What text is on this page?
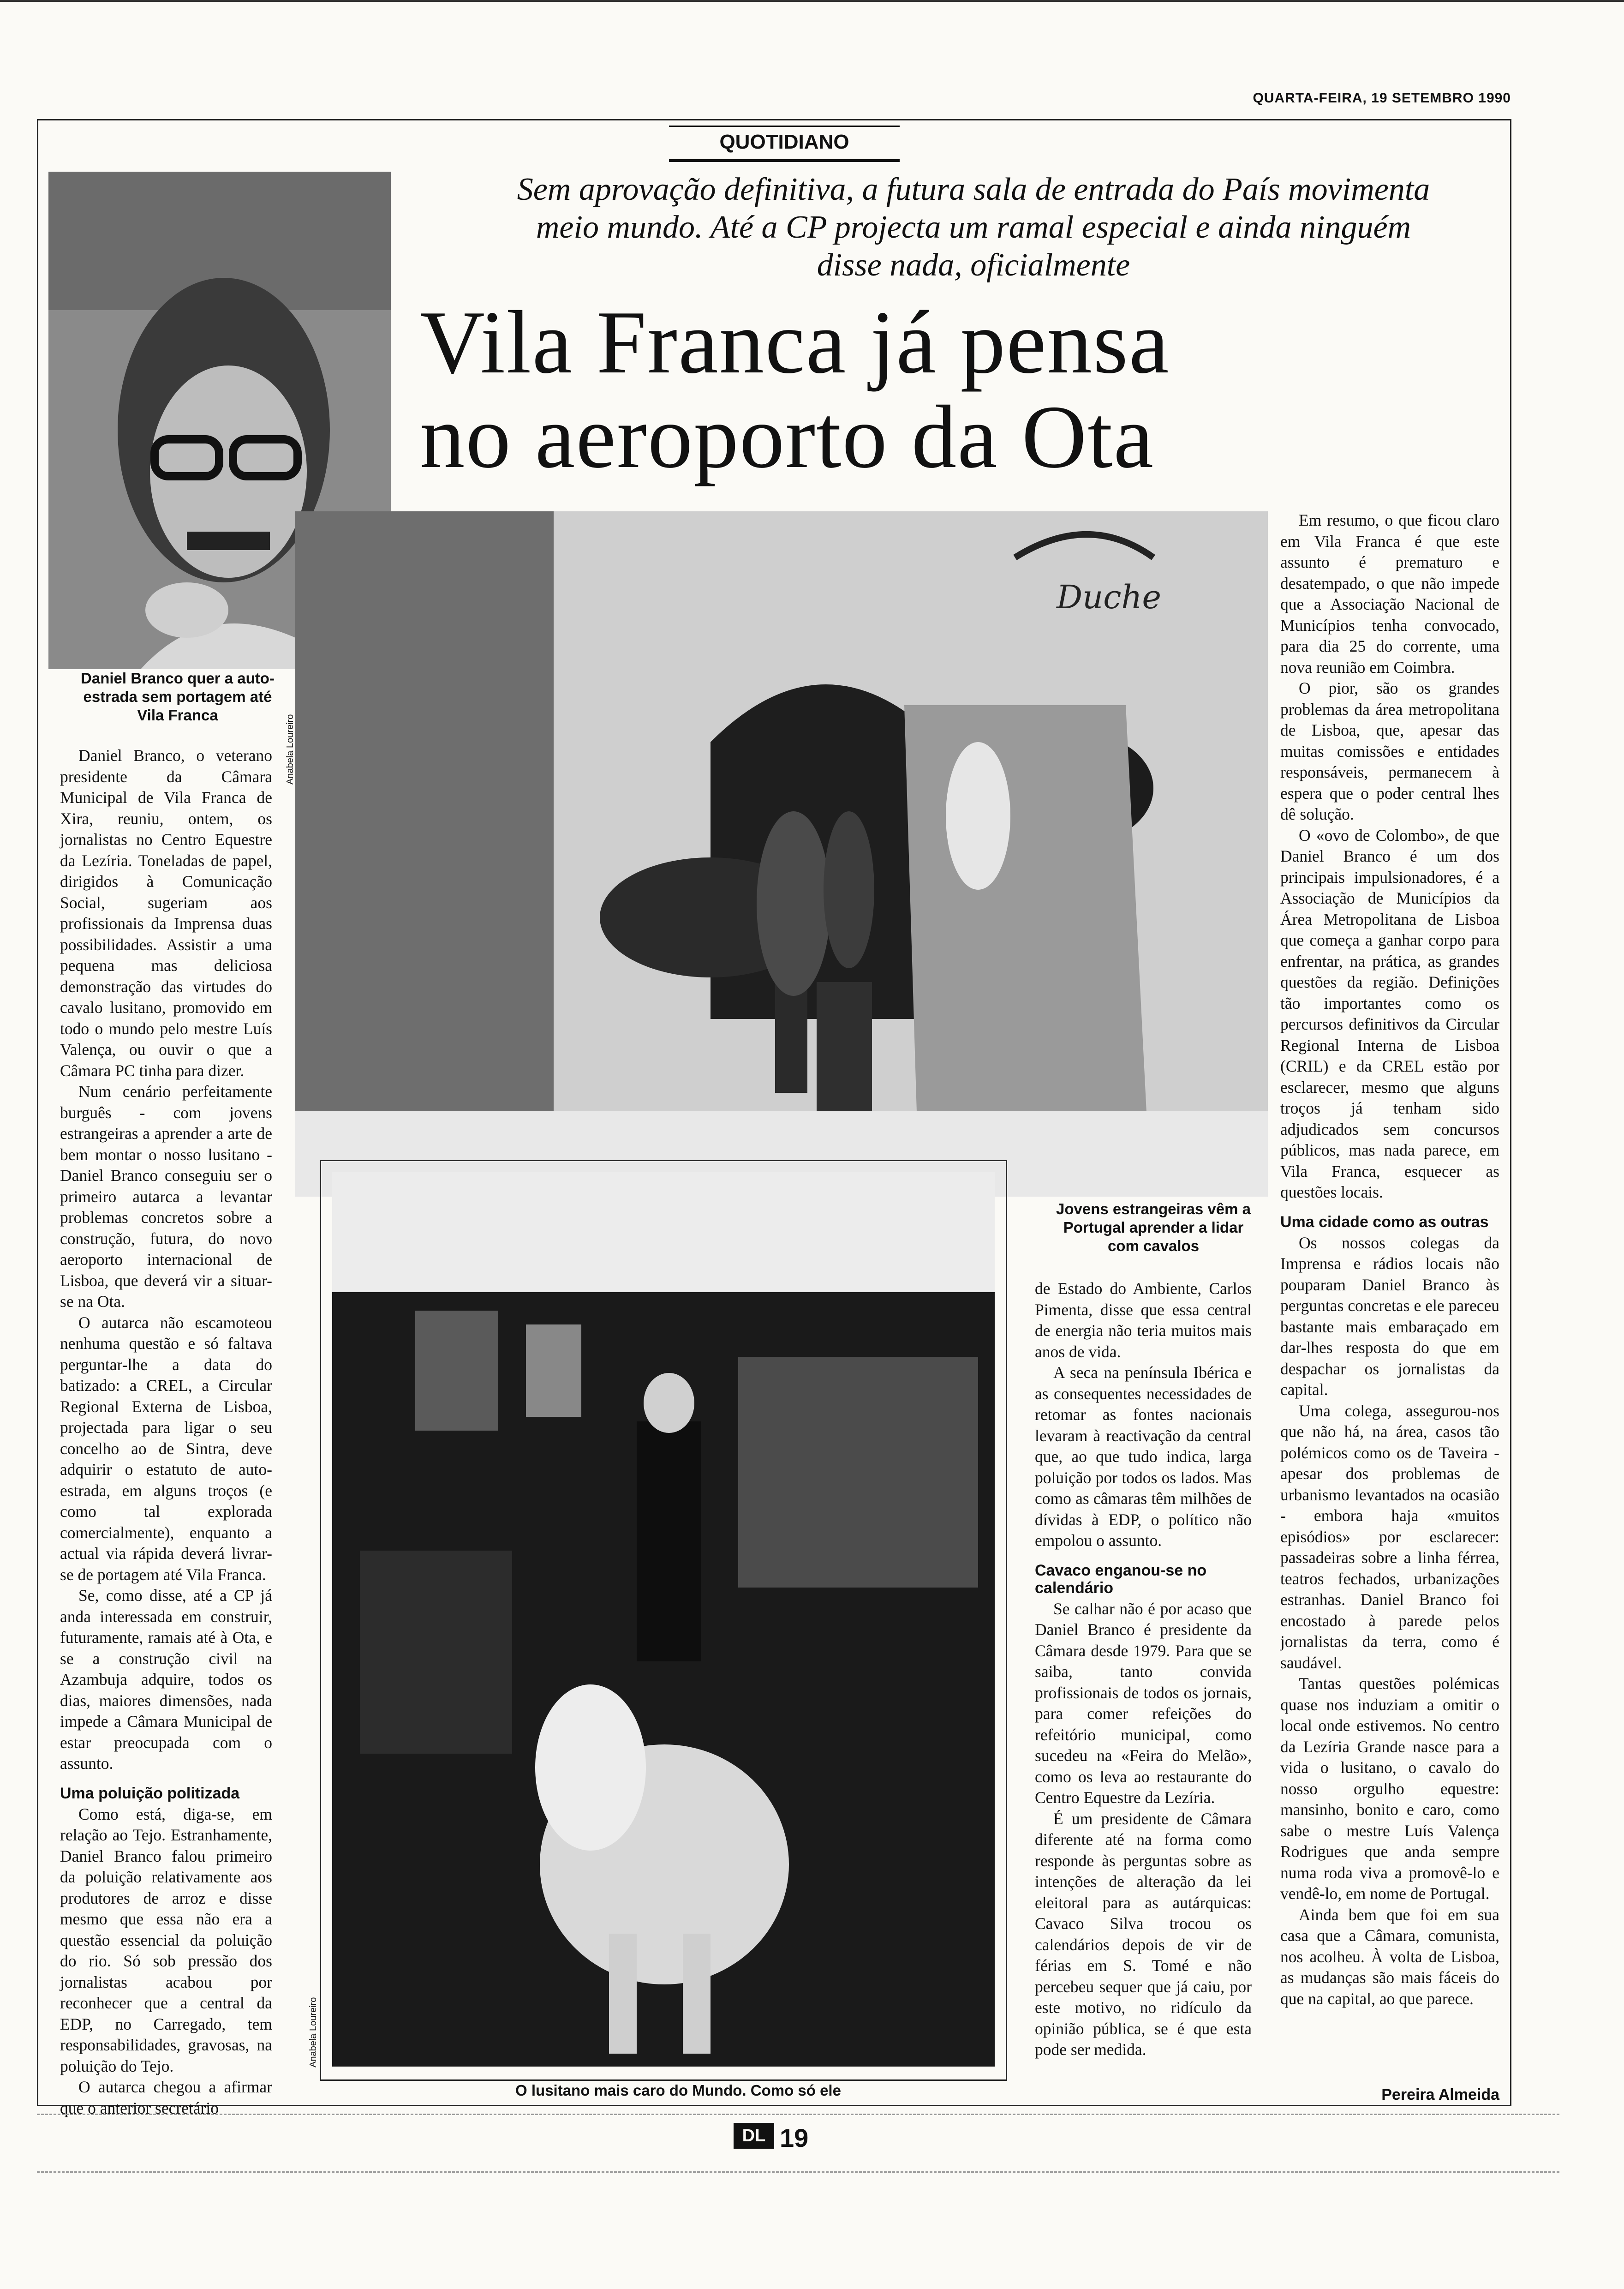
QUARTA-FEIRA, 19 SETEMBRO 1990
QUOTIDIANO
Sem aprovação definitiva, a futura sala de entrada do País movimenta meio mundo. Até a CP projecta um ramal especial e ainda ninguém disse nada, oficialmente
Vila Franca já pensa
no aeroporto da Ota
Daniel Branco quer a auto-estrada sem portagem até Vila Franca	Anabela Loureiro
Duche
Jovens estrangeiras vêm a Portugal aprender a lidar com cavalos
O lusitano mais caro do Mundo. Como só ele
Anabela Loureiro

Daniel Branco, o veterano presidente da Câmara Municipal de Vila Franca de Xira, reuniu, ontem, os jornalistas no Centro Equestre da Lezíria. Toneladas de papel, dirigidos à Comunicação Social, sugeriam aos profissionais da Imprensa duas possibilidades. Assistir a uma pequena mas deliciosa demonstração das virtudes do cavalo lusitano, promovido em todo o mundo pelo mestre Luís Valença, ou ouvir o que a Câmara PC tinha para dizer.

Num cenário perfeitamente burguês - com jovens estrangeiras a aprender a arte de bem montar o nosso lusitano - Daniel Branco conseguiu ser o primeiro autarca a levantar problemas concretos sobre a construção, futura, do novo aeroporto internacional de Lisboa, que deverá vir a situar-se na Ota.

O autarca não escamoteou nenhuma questão e só faltava perguntar-lhe a data do batizado: a CREL, a Circular Regional Externa de Lisboa, projectada para ligar o seu concelho ao de Sintra, deve adquirir o estatuto de auto-estrada, em alguns troços (e como tal explorada comercialmente), enquanto a actual via rápida deverá livrar-se de portagem até Vila Franca.

Se, como disse, até a CP já anda interessada em construir, futuramente, ramais até à Ota, e se a construção civil na Azambuja adquire, todos os dias, maiores dimensões, nada impede a Câmara Municipal de estar preocupada com o assunto.

Uma poluição politizada

Como está, diga-se, em relação ao Tejo. Estranhamente, Daniel Branco falou primeiro da poluição relativamente aos produtores de arroz e disse mesmo que essa não era a questão essencial da poluição do rio. Só sob pressão dos jornalistas acabou por reconhecer que a central da EDP, no Carregado, tem responsabilidades, gravosas, na poluição do Tejo.

O autarca chegou a afirmar que o anterior secretário

de Estado do Ambiente, Carlos Pimenta, disse que essa central de energia não teria muitos mais anos de vida.

A seca na península Ibérica e as consequentes necessidades de retomar as fontes nacionais levaram à reactivação da central que, ao que tudo indica, larga poluição por todos os lados. Mas como as câmaras têm milhões de dívidas à EDP, o político não empolou o assunto.

Cavaco enganou-se no calendário

Se calhar não é por acaso que Daniel Branco é presidente da Câmara desde 1979. Para que se saiba, tanto convida profissionais de todos os jornais, para comer refeições do refeitório municipal, como sucedeu na «Feira do Melão», como os leva ao restaurante do Centro Equestre da Lezíria.

É um presidente de Câmara diferente até na forma como responde às perguntas sobre as intenções de alteração da lei eleitoral para as autárquicas: Cavaco Silva trocou os calendários depois de vir de férias em S. Tomé e não percebeu sequer que já caiu, por este motivo, no ridículo da opinião pública, se é que esta pode ser medida.

Em resumo, o que ficou claro em Vila Franca é que este assunto é prematuro e desatempado, o que não impede que a Associação Nacional de Municípios tenha convocado, para dia 25 do corrente, uma nova reunião em Coimbra.

O pior, são os grandes problemas da área metropolitana de Lisboa, que, apesar das muitas comissões e entidades responsáveis, permanecem à espera que o poder central lhes dê solução.

O «ovo de Colombo», de que Daniel Branco é um dos principais impulsionadores, é a Associação de Municípios da Área Metropolitana de Lisboa que começa a ganhar corpo para enfrentar, na prática, as grandes questões da região. Definições tão importantes como os percursos definitivos da Circular Regional Interna de Lisboa (CRIL) e da CREL estão por esclarecer, mesmo que alguns troços já tenham sido adjudicados sem concursos públicos, mas nada parece, em Vila Franca, esquecer as questões locais.

Uma cidade como as outras

Os nossos colegas da Imprensa e rádios locais não pouparam Daniel Branco às perguntas concretas e ele pareceu bastante mais embaraçado em dar-lhes resposta do que em despachar os jornalistas da capital.

Uma colega, assegurou-nos que não há, na área, casos tão polémicos como os de Taveira - apesar dos problemas de urbanismo levantados na ocasião - embora haja «muitos episódios» por esclarecer: passadeiras sobre a linha férrea, teatros fechados, urbanizações estranhas. Daniel Branco foi encostado à parede pelos jornalistas da terra, como é saudável.

Tantas questões polémicas quase nos induziam a omitir o local onde estivemos. No centro da Lezíria Grande nasce para a vida o lusitano, o cavalo do nosso orgulho equestre: mansinho, bonito e caro, como sabe o mestre Luís Valença Rodrigues que anda sempre numa roda viva a promovê-lo e vendê-lo, em nome de Portugal.

Ainda bem que foi em sua casa que a Câmara, comunista, nos acolheu. À volta de Lisboa, as mudanças são mais fáceis do que na capital, ao que parece.

Pereira Almeida
DL 19
